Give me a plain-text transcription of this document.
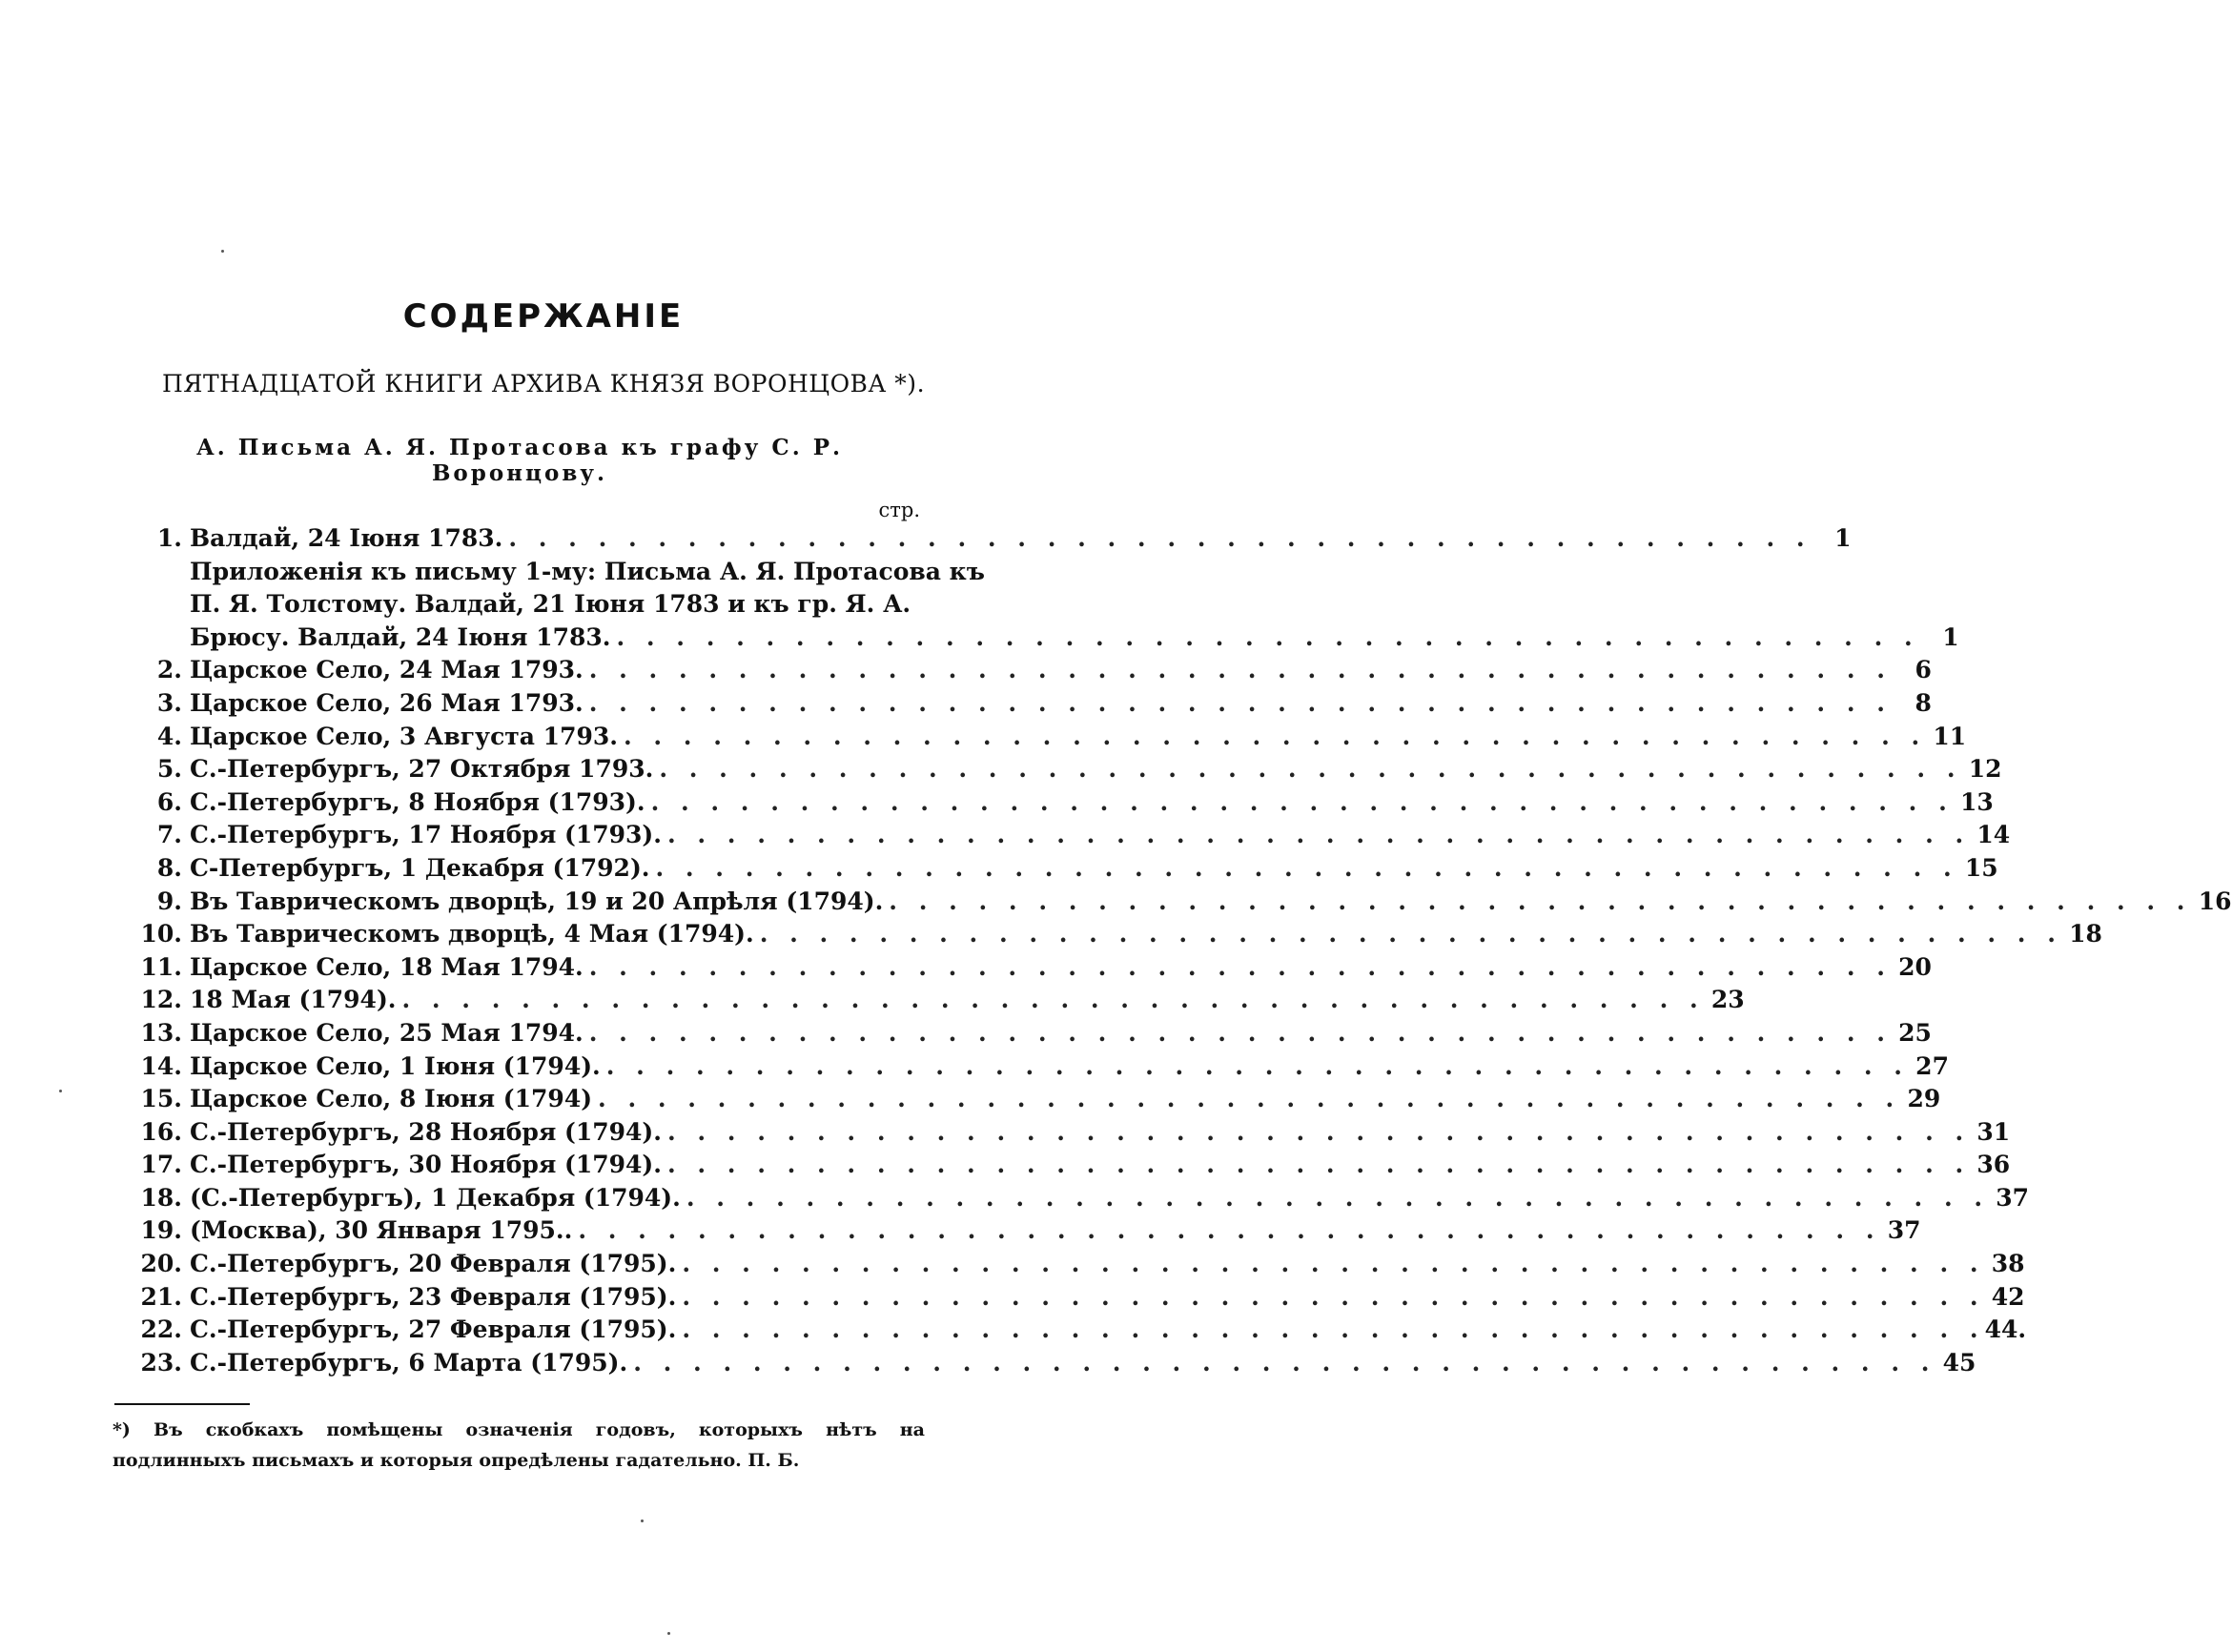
СОДЕРЖАНIЕ
ПЯТНАДЦАТОЙ КНИГИ АРХИВА КНЯЗЯ ВОРОНЦОВА *).
А. Письма А. Я. Протасова къ графу С. Р. Воронцову.
стр.
1. Валдай, 24 Iюня 1783. . . .	1
Приложенiя къ письму 1-му: Письма А. Я. Протасова къ
П. Я. Толстому. Валдай, 21 Iюня 1783 и къ гр. Я. А.
Брюсу. Валдай, 24 Iюня 1783. . . .	1
2. Царское Село, 24 Мая 1793. . . .	6
3. Царское Село, 26 Мая 1793. . . .	8
4. Царское Село, 3 Августа 1793. . . .	11
5. С.-Петербургъ, 27 Октября 1793. . . .	12
6. С.-Петербургъ, 8 Ноября (1793). . . .	13
7. С.-Петербургъ, 17 Ноября (1793). . . .	14
8. С-Петербургъ, 1 Декабря (1792). . . .	15
9. Въ Таврическомъ дворцѣ, 19 и 20 Апрѣля (1794). . . .	16
10. Въ Таврическомъ дворцѣ, 4 Мая (1794). . . .	18
11. Царское Село, 18 Мая 1794. . . .	20
12. 18 Мая (1794). . . .	23
13. Царское Село, 25 Мая 1794. . . .	25
14. Царское Село, 1 Iюня (1794). . . .	27
15. Царское Село, 8 Iюня (1794) . . .	29
16. С.-Петербургъ, 28 Ноября (1794). . . .	31
17. С.-Петербургъ, 30 Ноября (1794). . . .	36
18. (С.-Петербургъ), 1 Декабря (1794). . . .	37
19. (Москва), 30 Января 1795.. . . .	37
20. С.-Петербургъ, 20 Февраля (1795). . . .	38
21. С.-Петербургъ, 23 Февраля (1795). . . .	42
22. С.-Петербургъ, 27 Февраля (1795). . . .	44.
23. С.-Петербургъ, 6 Марта (1795). . . .	45
*) Въ скобкахъ помѣщены означенiя годовъ, которыхъ нѣтъ на подлинныхъ письмахъ и которыя опредѣлены гадательно. П. Б.
